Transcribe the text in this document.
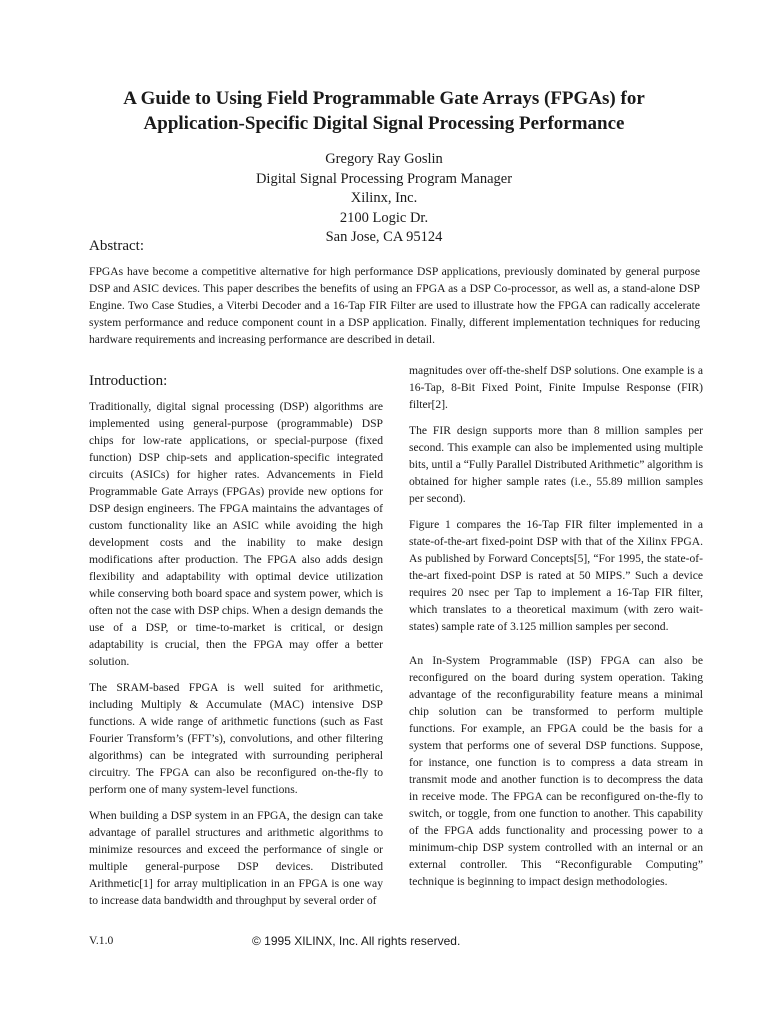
A Guide to Using Field Programmable Gate Arrays (FPGAs) for
Application-Specific Digital Signal Processing Performance
Gregory Ray Goslin
Digital Signal Processing Program Manager
Xilinx, Inc.
2100 Logic Dr.
San Jose, CA 95124
Abstract:

FPGAs have become a competitive alternative for high performance DSP applications, previously dominated by general purpose DSP and ASIC devices. This paper describes the benefits of using an FPGA as a DSP Co-processor, as well as, a stand-alone DSP Engine. Two Case Studies, a Viterbi Decoder and a 16-Tap FIR Filter are used to illustrate how the FPGA can radically accelerate system performance and reduce component count in a DSP application. Finally, different implementation techniques for reducing hardware requirements and increasing performance are described in detail.

Introduction:

Traditionally, digital signal processing (DSP) algorithms are implemented using general-purpose (programmable) DSP chips for low-rate applications, or special-purpose (fixed function) DSP chip-sets and application-specific integrated circuits (ASICs) for higher rates. Advancements in Field Programmable Gate Arrays (FPGAs) provide new options for DSP design engineers. The FPGA maintains the advantages of custom functionality like an ASIC while avoiding the high development costs and the inability to make design modifications after production. The FPGA also adds design flexibility and adaptability with optimal device utilization while conserving both board space and system power, which is often not the case with DSP chips. When a design demands the use of a DSP, or time-to-market is critical, or design adaptability is crucial, then the FPGA may offer a better solution.

The SRAM-based FPGA is well suited for arithmetic, including Multiply & Accumulate (MAC) intensive DSP functions. A wide range of arithmetic functions (such as Fast Fourier Transform’s (FFT’s), convolutions, and other filtering algorithms) can be integrated with surrounding peripheral circuitry. The FPGA can also be reconfigured on-the-fly to perform one of many system-level functions.

When building a DSP system in an FPGA, the design can take advantage of parallel structures and arithmetic algorithms to minimize resources and exceed the performance of single or multiple general-purpose DSP devices. Distributed Arithmetic[1] for array multiplication in an FPGA is one way to increase data bandwidth and throughput by several order of

magnitudes over off-the-shelf DSP solutions. One example is a 16-Tap, 8-Bit Fixed Point, Finite Impulse Response (FIR) filter[2].

The FIR design supports more than 8 million samples per second. This example can also be implemented using multiple bits, until a “Fully Parallel Distributed Arithmetic” algorithm is obtained for higher sample rates (i.e., 55.89 million samples per second).

Figure 1 compares the 16-Tap FIR filter implemented in a state-of-the-art fixed-point DSP with that of the Xilinx FPGA. As published by Forward Concepts[5], “For 1995, the state-of-the-art fixed-point DSP is rated at 50 MIPS.” Such a device requires 20 nsec per Tap to implement a 16-Tap FIR filter, which translates to a theoretical maximum (with zero wait-states) sample rate of 3.125 million samples per second.

An In-System Programmable (ISP) FPGA can also be reconfigured on the board during system operation. Taking advantage of the reconfigurability feature means a minimal chip solution can be transformed to perform multiple functions. For example, an FPGA could be the basis for a system that performs one of several DSP functions. Suppose, for instance, one function is to compress a data stream in transmit mode and another function is to decompress the data in receive mode. The FPGA can be reconfigured on-the-fly to switch, or toggle, from one function to another. This capability of the FPGA adds functionality and processing power to a minimum-chip DSP system controlled with an internal or an external controller. This “Reconfigurable Computing” technique is beginning to impact design methodologies.

V.1.0	© 1995 XILINX, Inc. All rights reserved.
